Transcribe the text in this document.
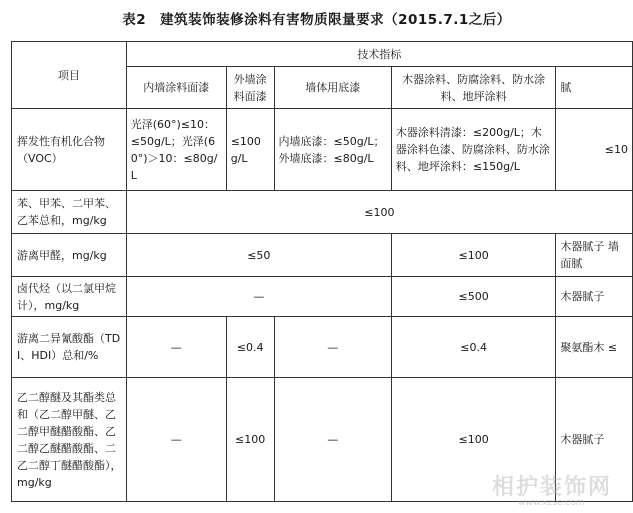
表2　建筑装饰装修涂料有害物质限量要求（2015.7.1之后）
项目	技术指标				
	内墙涂料面漆	外墙涂料面漆	墙体用底漆	木器涂料、防腐涂料、防水涂料、地坪涂料	腻
挥发性有机化合物（VOC）	光泽(60°)≤10：≤50g/L；光泽(60°)＞10：≤80g/L	≤100g/L	内墙底漆：≤50g/L；外墙底漆：≤80g/L	木器涂料清漆：≤200g/L；木器涂料色漆、防腐涂料、防水涂料、地坪涂料：≤150g/L	≤10
苯、甲苯、二甲苯、乙苯总和，mg/kg	≤100				
游离甲醛，mg/kg	≤50			≤100	木器腻子 墙面腻
卤代烃（以二氯甲烷计），mg/kg	—			≤500	木器腻子
游离二异氰酸酯（TDI、HDI）总和/%	—	≤0.4	—	≤0.4	聚氨酯木 ≤
乙二醇醚及其酯类总和（乙二醇甲醚、乙二醇甲醚醋酸酯、乙二醇乙醚醋酸酯、二乙二醇丁醚醋酸酯），mg/kg	—	≤100	—	≤100	木器腻子
相护装饰网
www.xzse.com
